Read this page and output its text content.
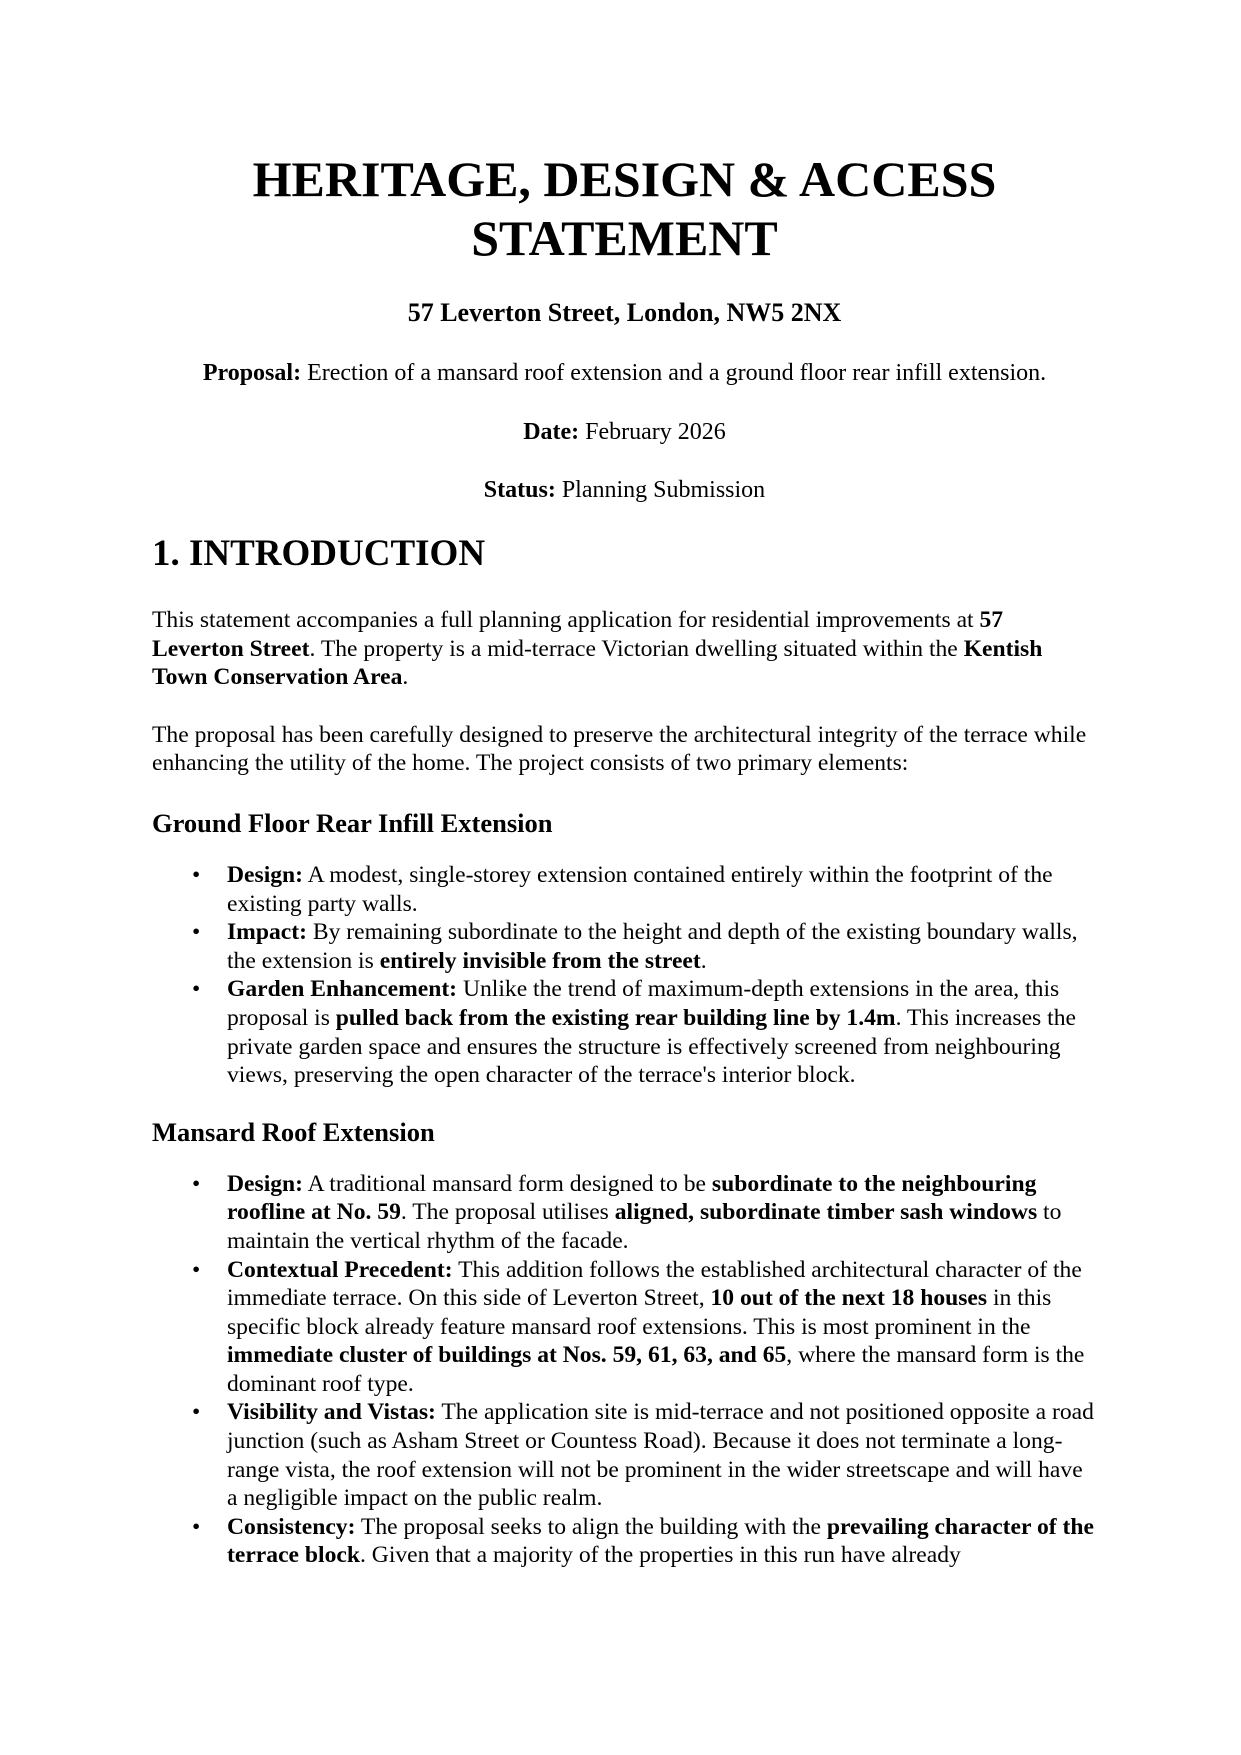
HERITAGE, DESIGN & ACCESS STATEMENT
57 Leverton Street, London, NW5 2NX
Proposal: Erection of a mansard roof extension and a ground floor rear infill extension.
Date: February 2026
Status: Planning Submission
1. INTRODUCTION

This statement accompanies a full planning application for residential improvements at 57 Leverton Street. The property is a mid-terrace Victorian dwelling situated within the Kentish Town Conservation Area.

The proposal has been carefully designed to preserve the architectural integrity of the terrace while enhancing the utility of the home. The project consists of two primary elements:

Ground Floor Rear Infill Extension
• Design: A modest, single-storey extension contained entirely within the footprint of the existing party walls.
• Impact: By remaining subordinate to the height and depth of the existing boundary walls, the extension is entirely invisible from the street.
• Garden Enhancement: Unlike the trend of maximum-depth extensions in the area, this proposal is pulled back from the existing rear building line by 1.4m. This increases the private garden space and ensures the structure is effectively screened from neighbouring views, preserving the open character of the terrace's interior block.
Mansard Roof Extension
• Design: A traditional mansard form designed to be subordinate to the neighbouring roofline at No. 59. The proposal utilises aligned, subordinate timber sash windows to maintain the vertical rhythm of the facade.
• Contextual Precedent: This addition follows the established architectural character of the immediate terrace. On this side of Leverton Street, 10 out of the next 18 houses in this specific block already feature mansard roof extensions. This is most prominent in the immediate cluster of buildings at Nos. 59, 61, 63, and 65, where the mansard form is the dominant roof type.
• Visibility and Vistas: The application site is mid-terrace and not positioned opposite a road junction (such as Asham Street or Countess Road). Because it does not terminate a long-range vista, the roof extension will not be prominent in the wider streetscape and will have a negligible impact on the public realm.
• Consistency: The proposal seeks to align the building with the prevailing character of the terrace block. Given that a majority of the properties in this run have already
